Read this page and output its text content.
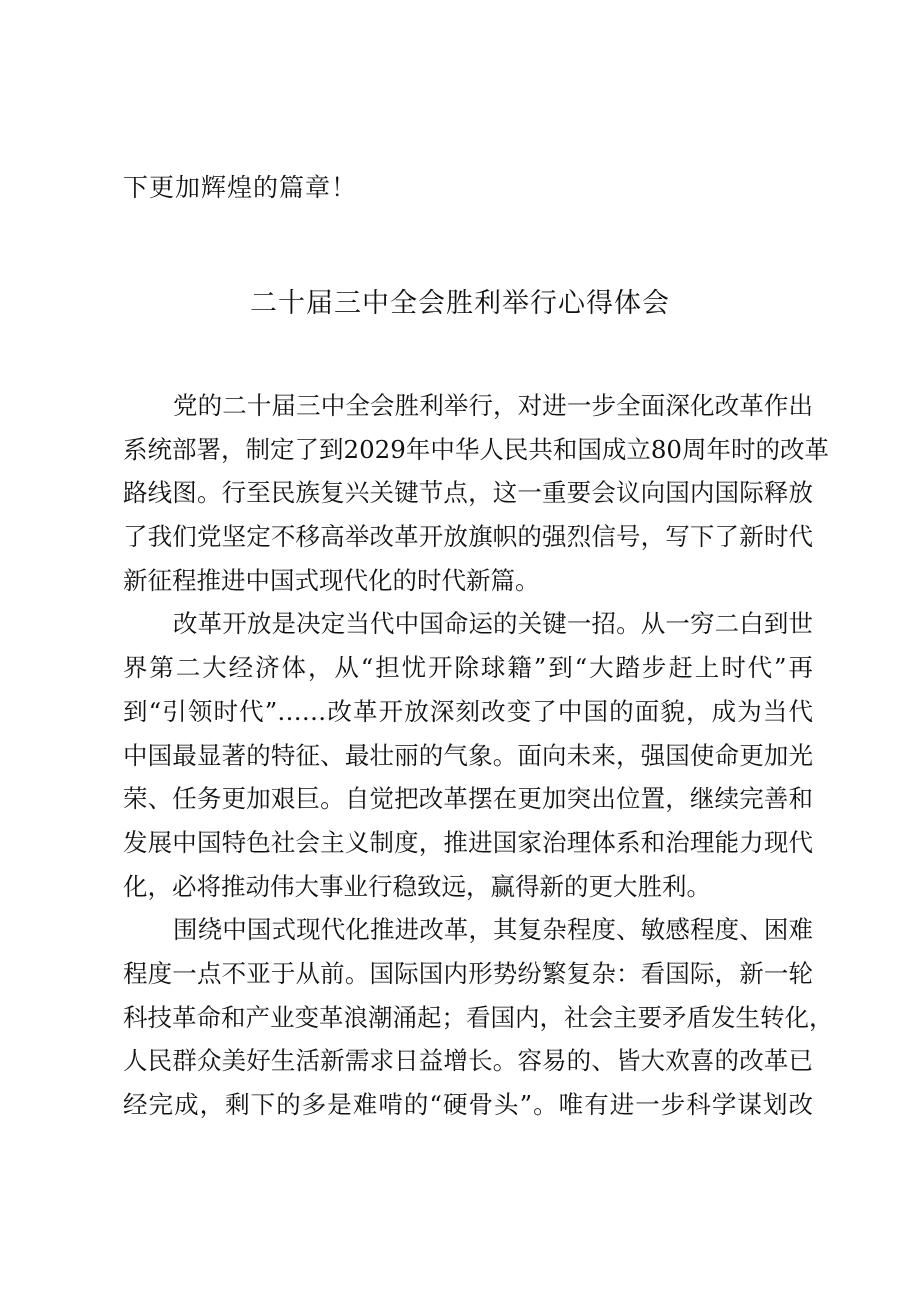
下更加辉煌的篇章！
二十届三中全会胜利举行心得体会
党的二十届三中全会胜利举行，对进一步全面深化改革作出
系统部署，制定了到2029年中华人民共和国成立80周年时的改革
路线图。行至民族复兴关键节点，这一重要会议向国内国际释放
了我们党坚定不移高举改革开放旗帜的强烈信号，写下了新时代
新征程推进中国式现代化的时代新篇。
改革开放是决定当代中国命运的关键一招。从一穷二白到世
界第二大经济体，从“担忧开除球籍”到“大踏步赶上时代”再
到“引领时代”……改革开放深刻改变了中国的面貌，成为当代
中国最显著的特征、最壮丽的气象。面向未来，强国使命更加光
荣、任务更加艰巨。自觉把改革摆在更加突出位置，继续完善和
发展中国特色社会主义制度，推进国家治理体系和治理能力现代
化，必将推动伟大事业行稳致远，赢得新的更大胜利。
围绕中国式现代化推进改革，其复杂程度、敏感程度、困难
程度一点不亚于从前。国际国内形势纷繁复杂：看国际，新一轮
科技革命和产业变革浪潮涌起；看国内，社会主要矛盾发生转化，
人民群众美好生活新需求日益增长。容易的、皆大欢喜的改革已
经完成，剩下的多是难啃的“硬骨头”。唯有进一步科学谋划改
